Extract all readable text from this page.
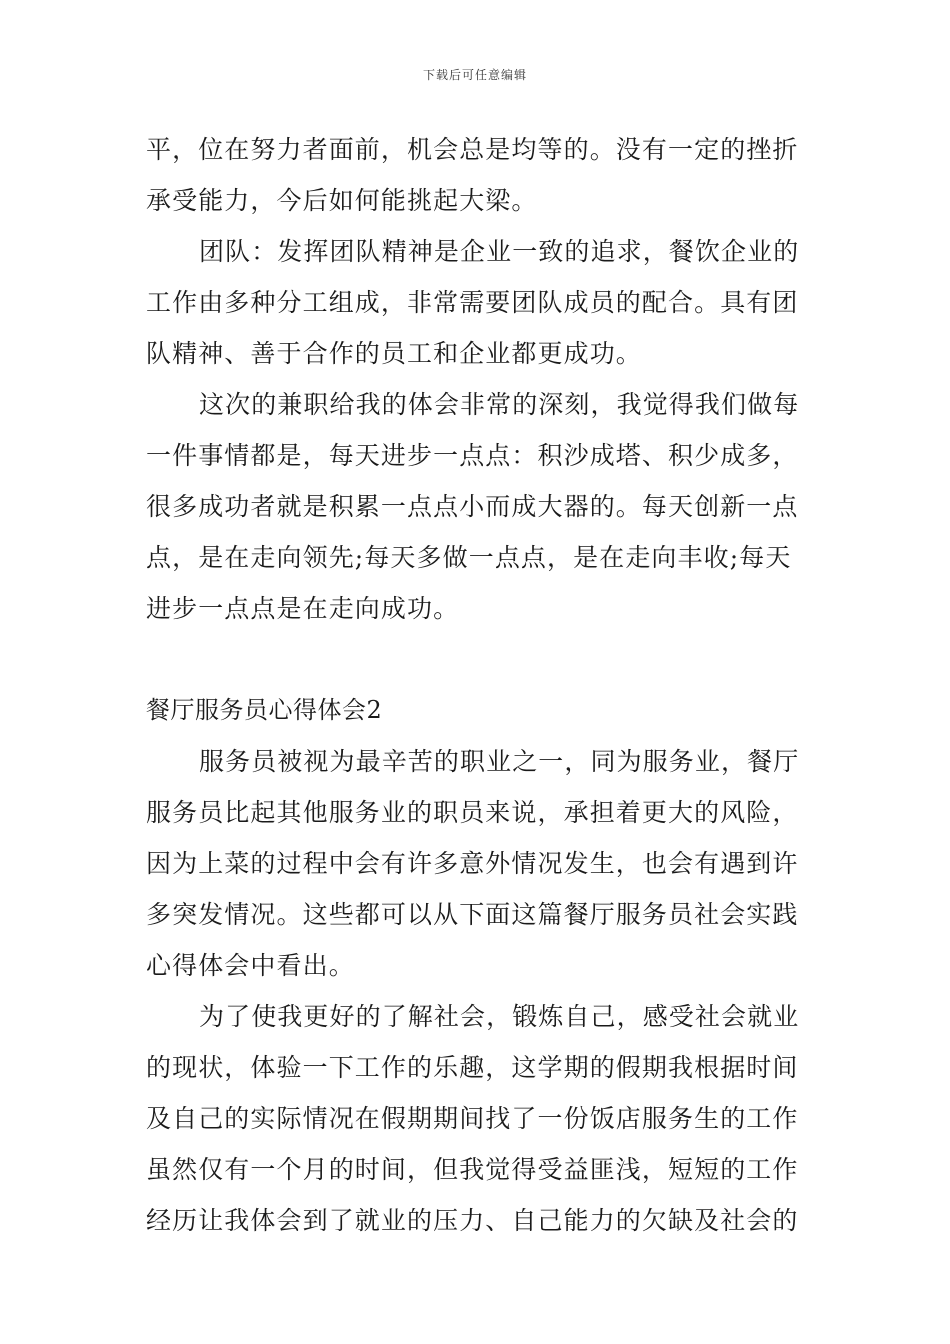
下载后可任意编辑
平，位在努力者面前，机会总是均等的。没有一定的挫折
承受能力，今后如何能挑起大梁。
团队：发挥团队精神是企业一致的追求，餐饮企业的
工作由多种分工组成，非常需要团队成员的配合。具有团
队精神、善于合作的员工和企业都更成功。
这次的兼职给我的体会非常的深刻，我觉得我们做每
一件事情都是，每天进步一点点：积沙成塔、积少成多，
很多成功者就是积累一点点小而成大器的。每天创新一点
点，是在走向领先;每天多做一点点，是在走向丰收;每天
进步一点点是在走向成功。
餐厅服务员心得体会2
服务员被视为最辛苦的职业之一，同为服务业，餐厅
服务员比起其他服务业的职员来说，承担着更大的风险，
因为上菜的过程中会有许多意外情况发生，也会有遇到许
多突发情况。这些都可以从下面这篇餐厅服务员社会实践
心得体会中看出。
为了使我更好的了解社会，锻炼自己，感受社会就业
的现状，体验一下工作的乐趣，这学期的假期我根据时间
及自己的实际情况在假期期间找了一份饭店服务生的工作
虽然仅有一个月的时间，但我觉得受益匪浅，短短的工作
经历让我体会到了就业的压力、自己能力的欠缺及社会的
